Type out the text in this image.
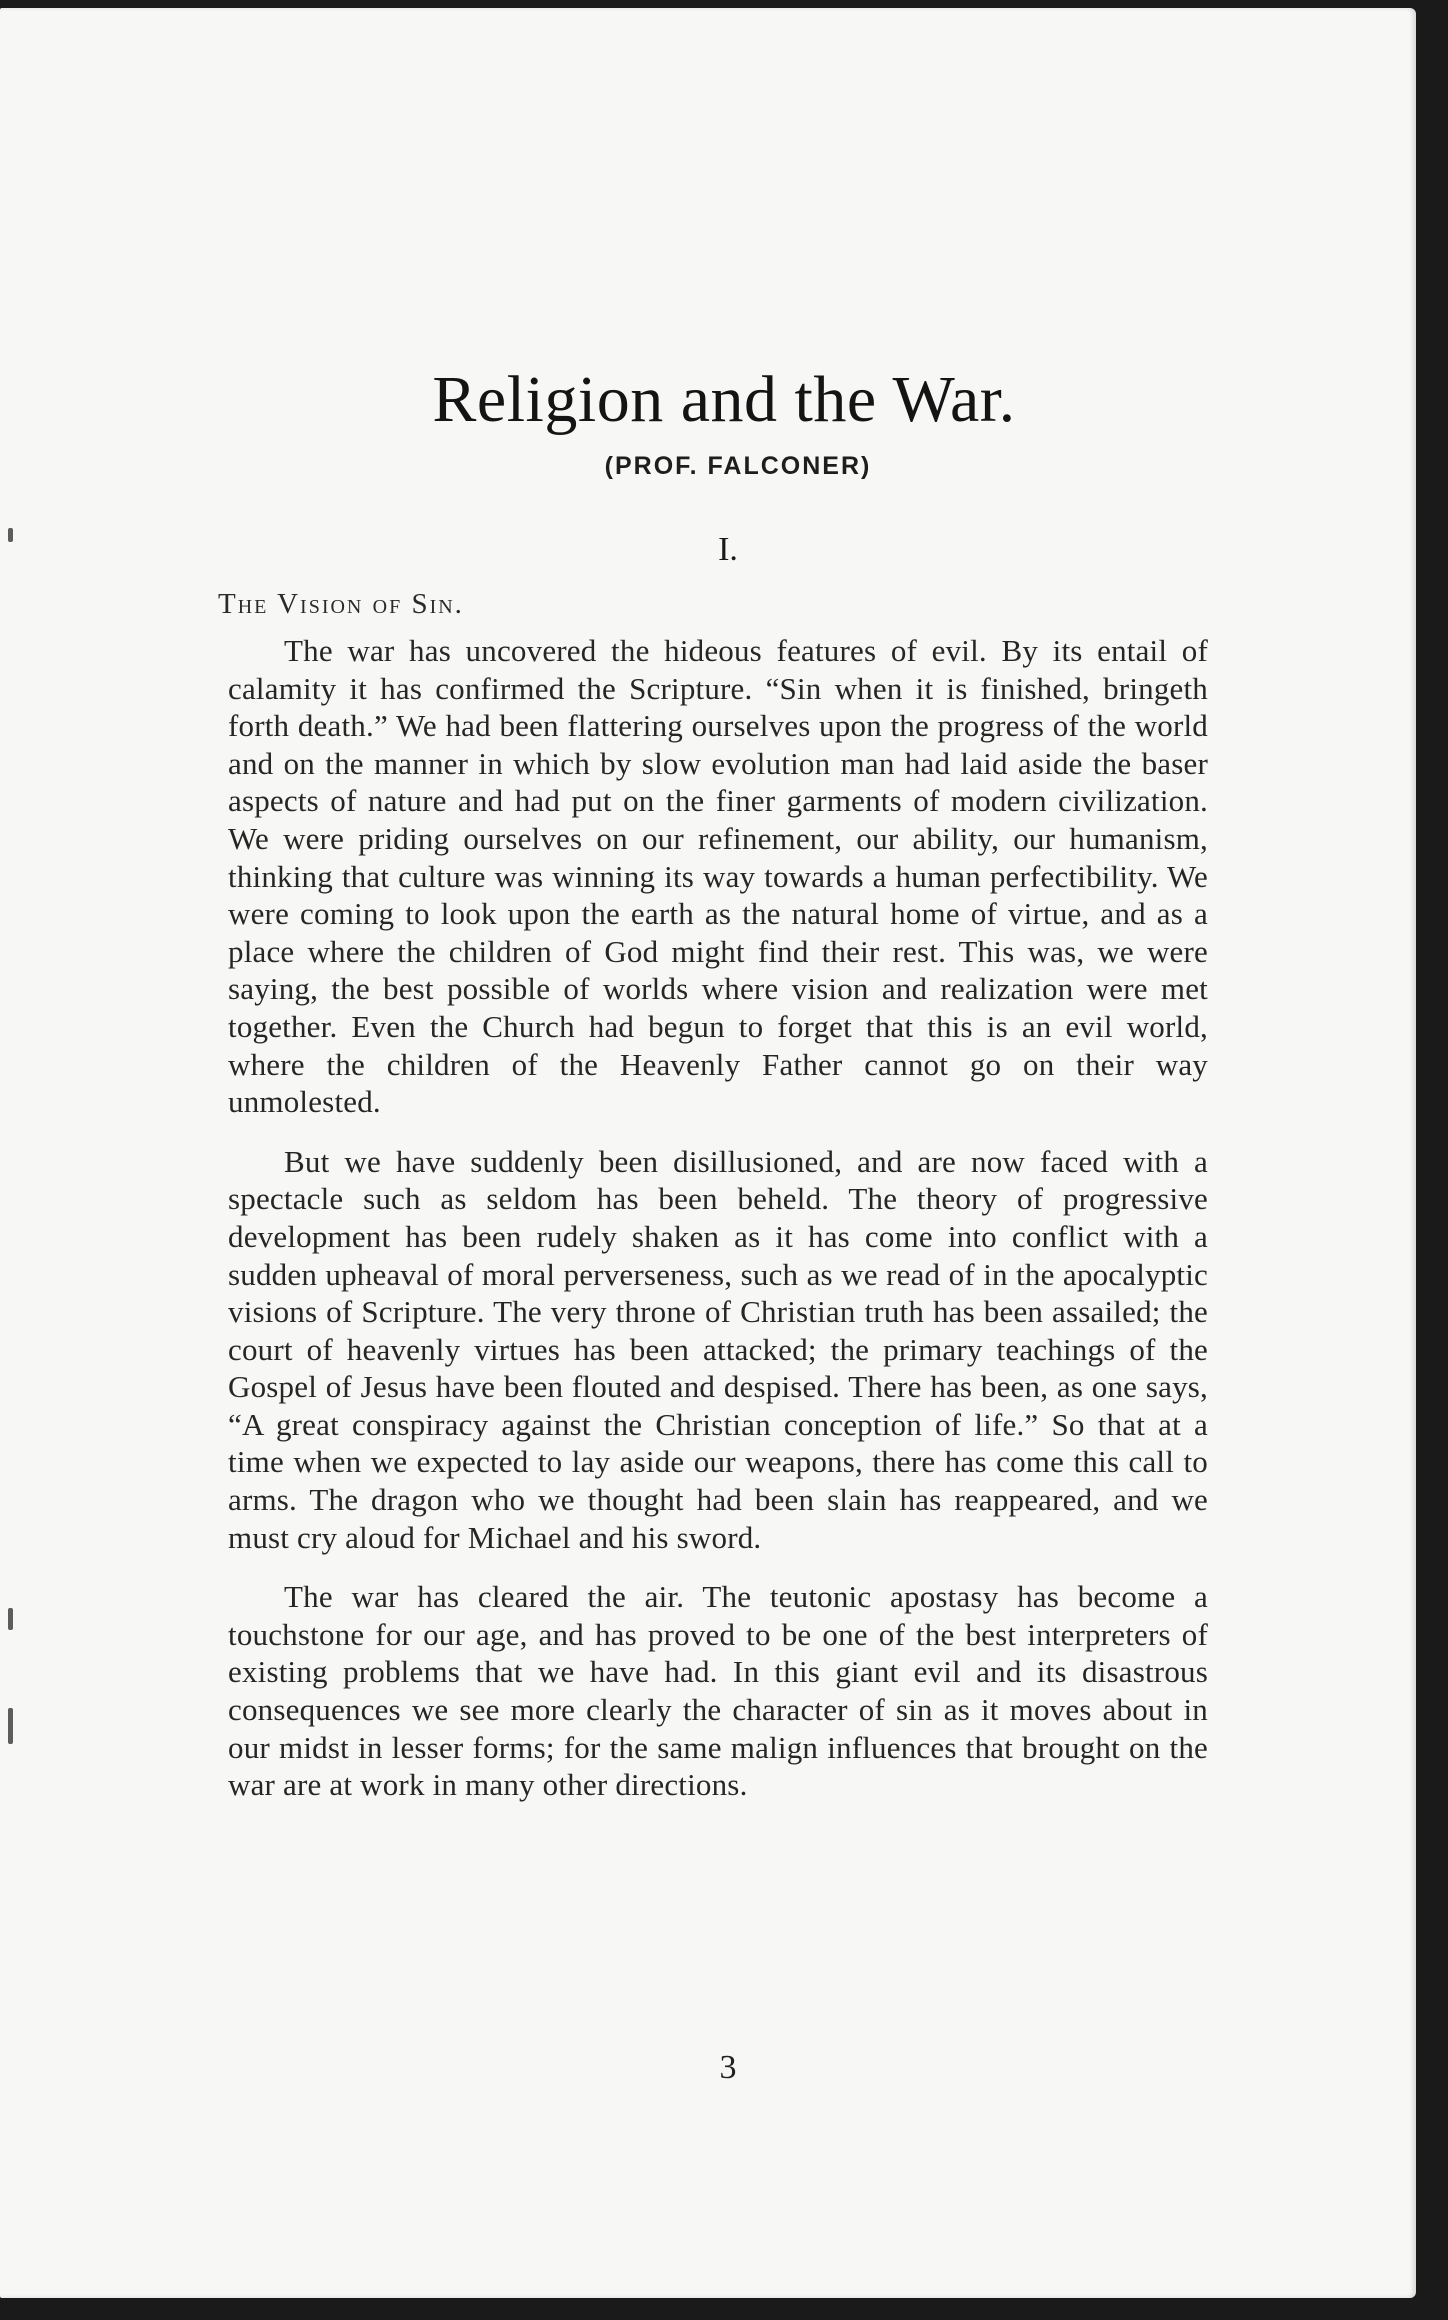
Religion and the War.
(PROF. FALCONER)
I.
The Vision of Sin.

The war has uncovered the hideous features of evil. By its entail of calamity it has confirmed the Scripture. “Sin when it is finished, bringeth forth death.” We had been flattering ourselves upon the progress of the world and on the manner in which by slow evolution man had laid aside the baser aspects of nature and had put on the finer garments of modern civilization. We were priding ourselves on our refinement, our ability, our humanism, thinking that culture was winning its way towards a human perfectibility. We were coming to look upon the earth as the natural home of virtue, and as a place where the children of God might find their rest. This was, we were saying, the best possible of worlds where vision and realization were met together. Even the Church had begun to forget that this is an evil world, where the children of the Heavenly Father cannot go on their way unmolested.

But we have suddenly been disillusioned, and are now faced with a spectacle such as seldom has been beheld. The theory of progressive development has been rudely shaken as it has come into conflict with a sudden upheaval of moral perverseness, such as we read of in the apocalyptic visions of Scripture. The very throne of Christian truth has been assailed; the court of heavenly virtues has been attacked; the primary teachings of the Gospel of Jesus have been flouted and despised. There has been, as one says, “A great conspiracy against the Christian conception of life.” So that at a time when we expected to lay aside our weapons, there has come this call to arms. The dragon who we thought had been slain has reappeared, and we must cry aloud for Michael and his sword.

The war has cleared the air. The teutonic apostasy has become a touchstone for our age, and has proved to be one of the best interpreters of existing problems that we have had. In this giant evil and its disastrous consequences we see more clearly the character of sin as it moves about in our midst in lesser forms; for the same malign influences that brought on the war are at work in many other directions.

3
